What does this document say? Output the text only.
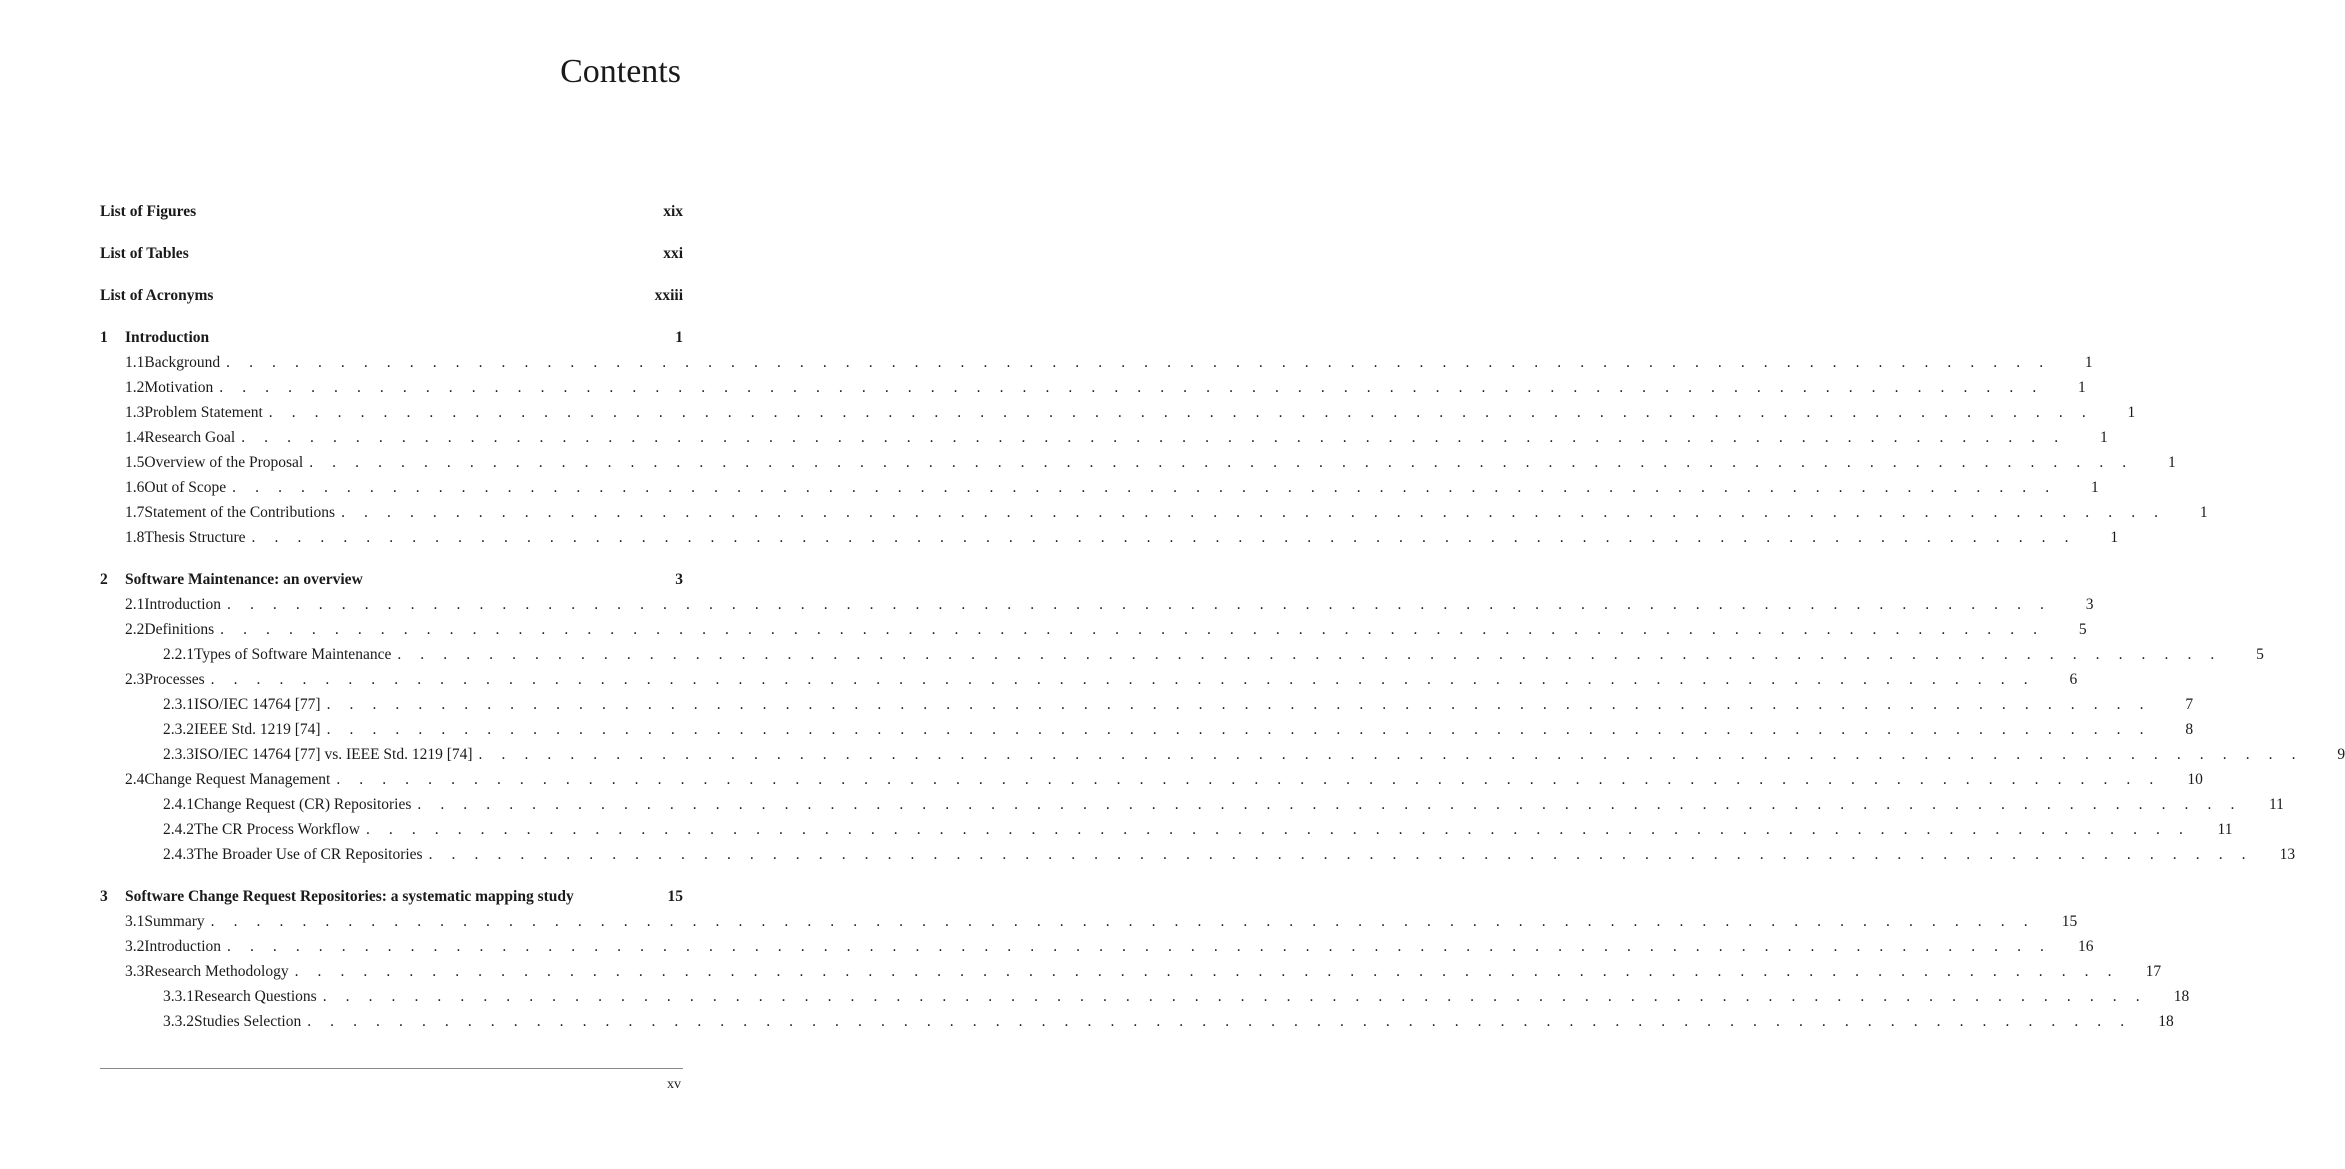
Contents
List of Figures	xix
List of Tables	xxi
List of Acronyms	xxiii
1	Introduction	1
1.1 Background . . . . . . . . . . . . . . . . . . . . . . . . . . . . . . . . . . . . . . . . . . . . . . . . . . . . . . . . . . . . . . . . . . . . . . . . . . . . . . . .	1
1.2 Motivation . . . . . . . . . . . . . . . . . . . . . . . . . . . . . . . . . . . . . . . . . . . . . . . . . . . . . . . . . . . . . . . . . . . . . . . . . . . . . . . .	1
1.3 Problem Statement . . . . . . . . . . . . . . . . . . . . . . . . . . . . . . . . . . . . . . . . . . . . . . . . . . . . . . . . . . . . . . . . . . . . . . . . . . . . . . . .	1
1.4 Research Goal . . . . . . . . . . . . . . . . . . . . . . . . . . . . . . . . . . . . . . . . . . . . . . . . . . . . . . . . . . . . . . . . . . . . . . . . . . . . . . . .	1
1.5 Overview of the Proposal . . . . . . . . . . . . . . . . . . . . . . . . . . . . . . . . . . . . . . . . . . . . . . . . . . . . . . . . . . . . . . . . . . . . . . . . . . . . . . . .	1
1.6 Out of Scope . . . . . . . . . . . . . . . . . . . . . . . . . . . . . . . . . . . . . . . . . . . . . . . . . . . . . . . . . . . . . . . . . . . . . . . . . . . . . . . .	1
1.7 Statement of the Contributions . . . . . . . . . . . . . . . . . . . . . . . . . . . . . . . . . . . . . . . . . . . . . . . . . . . . . . . . . . . . . . . . . . . . . . . . . . . . . . . .	1
1.8 Thesis Structure . . . . . . . . . . . . . . . . . . . . . . . . . . . . . . . . . . . . . . . . . . . . . . . . . . . . . . . . . . . . . . . . . . . . . . . . . . . . . . . .	1
2	Software Maintenance: an overview	3
2.1 Introduction . . . . . . . . . . . . . . . . . . . . . . . . . . . . . . . . . . . . . . . . . . . . . . . . . . . . . . . . . . . . . . . . . . . . . . . . . . . . . . . .	3
2.2 Definitions . . . . . . . . . . . . . . . . . . . . . . . . . . . . . . . . . . . . . . . . . . . . . . . . . . . . . . . . . . . . . . . . . . . . . . . . . . . . . . . .	5
2.2.1 Types of Software Maintenance . . . . . . . . . . . . . . . . . . . . . . . . . . . . . . . . . . . . . . . . . . . . . . . . . . . . . . . . . . . . . . . . . . . . . . . . . . . . . . . .	5
2.3 Processes . . . . . . . . . . . . . . . . . . . . . . . . . . . . . . . . . . . . . . . . . . . . . . . . . . . . . . . . . . . . . . . . . . . . . . . . . . . . . . . .	6
2.3.1 ISO/IEC 14764 [77] . . . . . . . . . . . . . . . . . . . . . . . . . . . . . . . . . . . . . . . . . . . . . . . . . . . . . . . . . . . . . . . . . . . . . . . . . . . . . . . .	7
2.3.2 IEEE Std. 1219 [74] . . . . . . . . . . . . . . . . . . . . . . . . . . . . . . . . . . . . . . . . . . . . . . . . . . . . . . . . . . . . . . . . . . . . . . . . . . . . . . . .	8
2.3.3 ISO/IEC 14764 [77] vs. IEEE Std. 1219 [74] . . . . . . . . . . . . . . . . . . . . . . . . . . . . . . . . . . . . . . . . . . . . . . . . . . . . . . . . . . . . . . . . . . . . . . . . . . . . . . . .	9
2.4 Change Request Management . . . . . . . . . . . . . . . . . . . . . . . . . . . . . . . . . . . . . . . . . . . . . . . . . . . . . . . . . . . . . . . . . . . . . . . . . . . . . . . .	10
2.4.1 Change Request (CR) Repositories . . . . . . . . . . . . . . . . . . . . . . . . . . . . . . . . . . . . . . . . . . . . . . . . . . . . . . . . . . . . . . . . . . . . . . . . . . . . . . . .	11
2.4.2 The CR Process Workflow . . . . . . . . . . . . . . . . . . . . . . . . . . . . . . . . . . . . . . . . . . . . . . . . . . . . . . . . . . . . . . . . . . . . . . . . . . . . . . . .	11
2.4.3 The Broader Use of CR Repositories . . . . . . . . . . . . . . . . . . . . . . . . . . . . . . . . . . . . . . . . . . . . . . . . . . . . . . . . . . . . . . . . . . . . . . . . . . . . . . . .	13
3	Software Change Request Repositories: a systematic mapping study	15
3.1 Summary . . . . . . . . . . . . . . . . . . . . . . . . . . . . . . . . . . . . . . . . . . . . . . . . . . . . . . . . . . . . . . . . . . . . . . . . . . . . . . . .	15
3.2 Introduction . . . . . . . . . . . . . . . . . . . . . . . . . . . . . . . . . . . . . . . . . . . . . . . . . . . . . . . . . . . . . . . . . . . . . . . . . . . . . . . .	16
3.3 Research Methodology . . . . . . . . . . . . . . . . . . . . . . . . . . . . . . . . . . . . . . . . . . . . . . . . . . . . . . . . . . . . . . . . . . . . . . . . . . . . . . . .	17
3.3.1 Research Questions . . . . . . . . . . . . . . . . . . . . . . . . . . . . . . . . . . . . . . . . . . . . . . . . . . . . . . . . . . . . . . . . . . . . . . . . . . . . . . . .	18
3.3.2 Studies Selection . . . . . . . . . . . . . . . . . . . . . . . . . . . . . . . . . . . . . . . . . . . . . . . . . . . . . . . . . . . . . . . . . . . . . . . . . . . . . . . .	18
xv
